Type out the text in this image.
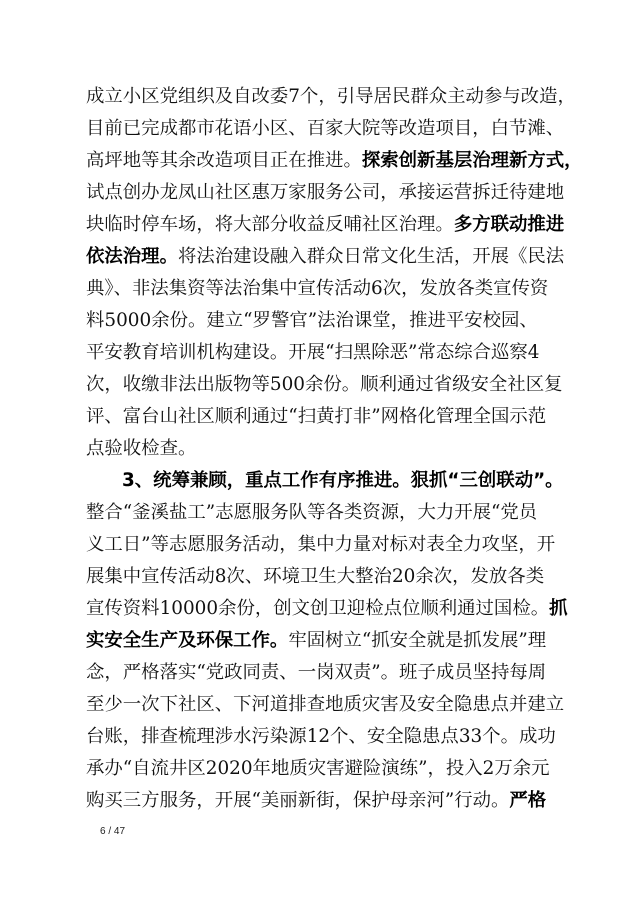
成立小区党组织及自改委7个，引导居民群众主动参与改造，
目前已完成都市花语小区、百家大院等改造项目，白节滩、
高坪地等其余改造项目正在推进。探索创新基层治理新方式，
试点创办龙凤山社区惠万家服务公司，承接运营拆迁待建地
块临时停车场，将大部分收益反哺社区治理。多方联动推进
依法治理。将法治建设融入群众日常文化生活，开展《民法
典》、非法集资等法治集中宣传活动6次，发放各类宣传资
料5000余份。建立“罗警官”法治课堂，推进平安校园、
平安教育培训机构建设。开展“扫黑除恶”常态综合巡察4
次，收缴非法出版物等500余份。顺利通过省级安全社区复
评、富台山社区顺利通过“扫黄打非”网格化管理全国示范
点验收检查。
3、统筹兼顾，重点工作有序推进。狠抓“三创联动”。
整合“釜溪盐工”志愿服务队等各类资源，大力开展“党员
义工日”等志愿服务活动，集中力量对标对表全力攻坚，开
展集中宣传活动8次、环境卫生大整治20余次，发放各类
宣传资料10000余份，创文创卫迎检点位顺利通过国检。抓
实安全生产及环保工作。牢固树立“抓安全就是抓发展”理
念，严格落实“党政同责、一岗双责”。班子成员坚持每周
至少一次下社区、下河道排查地质灾害及安全隐患点并建立
台账，排查梳理涉水污染源12个、安全隐患点33个。成功
承办“自流井区2020年地质灾害避险演练”，投入2万余元
购买三方服务，开展“美丽新街，保护母亲河”行动。严格
6 / 47
